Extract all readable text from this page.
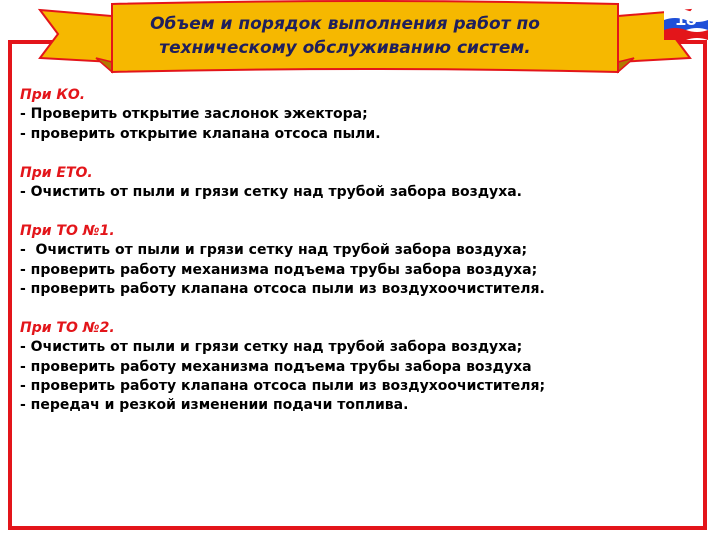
Объем и порядок выполнения работ по
техническому обслуживанию систем.
18
При КО.
- Проверить открытие заслонок эжектора;
- проверить открытие клапана отсоса пыли.
При ЕТО.
- Очистить от пыли и грязи сетку над трубой забора воздуха.
При ТО №1.
-  Очистить от пыли и грязи сетку над трубой забора воздуха;
- проверить работу механизма подъема трубы забора воздуха;
- проверить работу клапана отсоса пыли из воздухоочистителя.
При ТО №2.
- Очистить от пыли и грязи сетку над трубой забора воздуха;
- проверить работу механизма подъема трубы забора воздуха
- проверить работу клапана отсоса пыли из воздухоочистителя;
- передач и резкой изменении подачи топлива.
